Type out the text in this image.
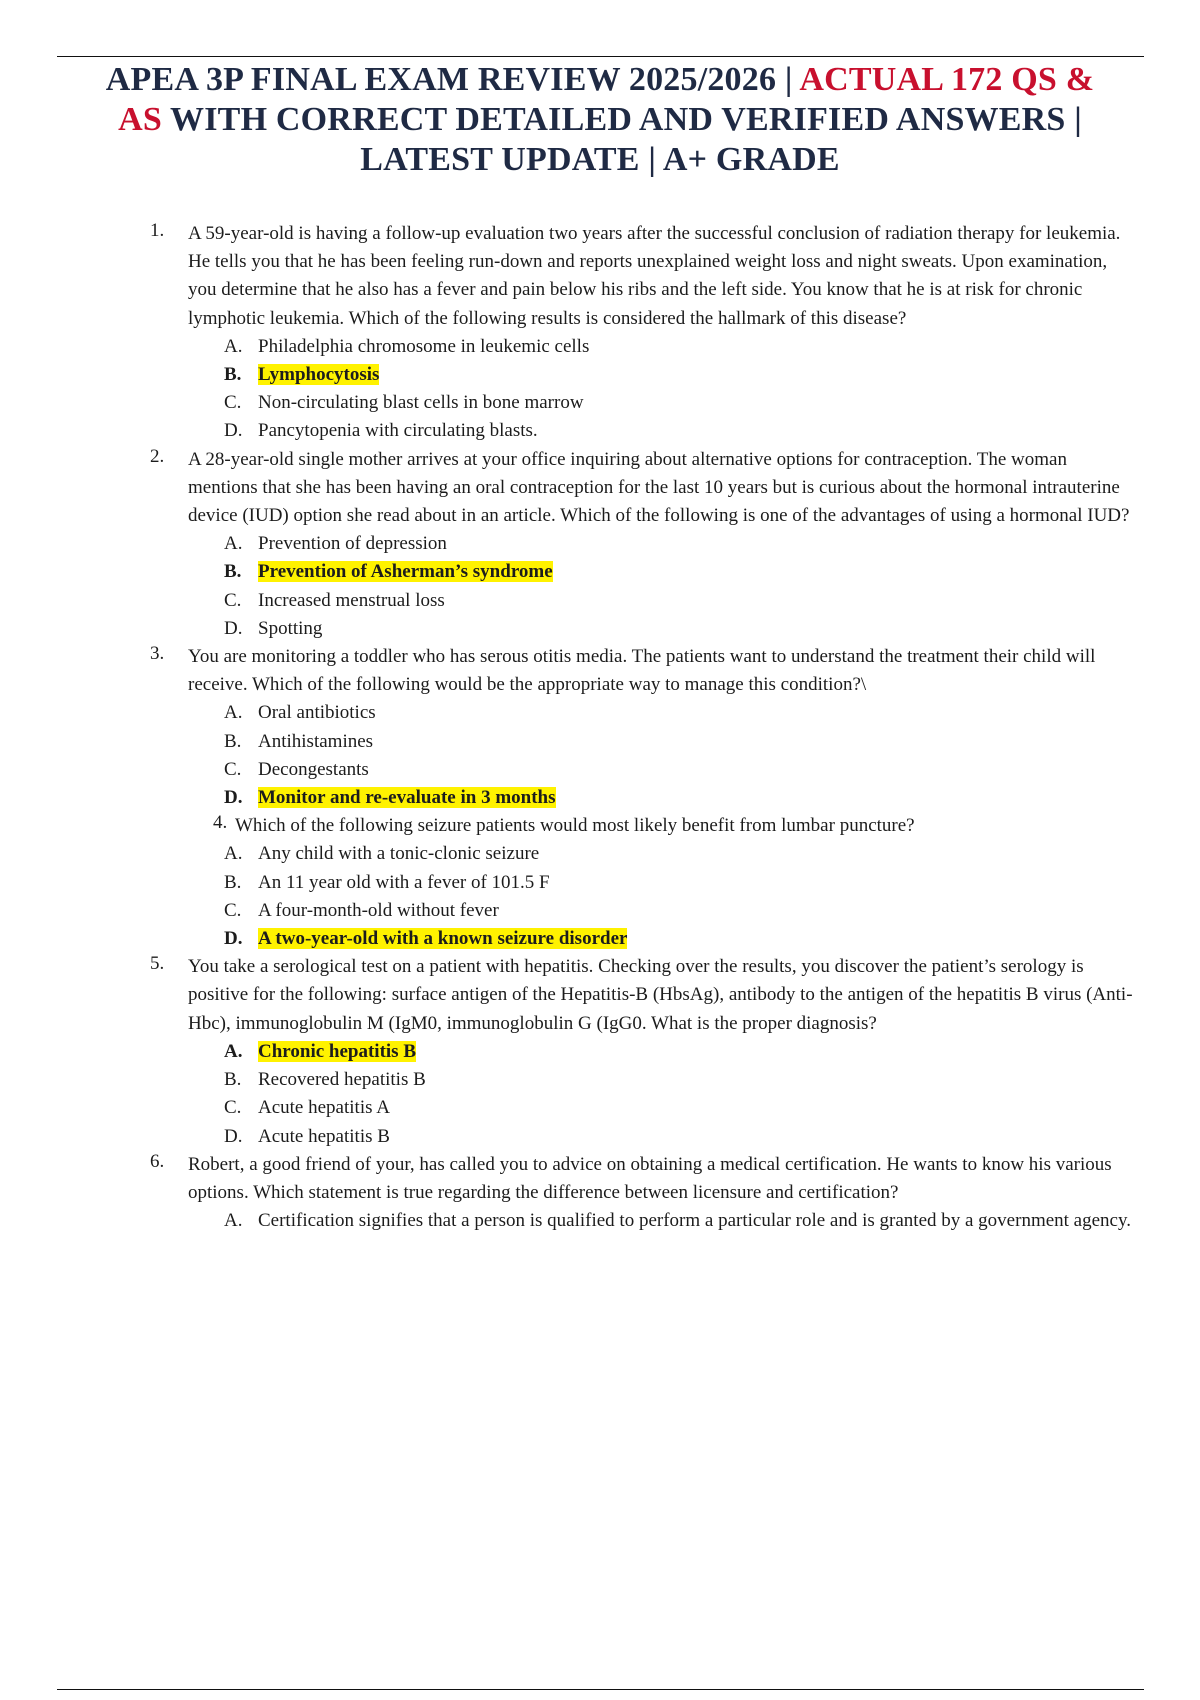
APEA 3P FINAL EXAM REVIEW 2025/2026 | ACTUAL 172 QS & AS WITH CORRECT DETAILED AND VERIFIED ANSWERS | LATEST UPDATE | A+ GRADE
1. A 59-year-old is having a follow-up evaluation two years after the successful conclusion of radiation therapy for leukemia. He tells you that he has been feeling run-down and reports unexplained weight loss and night sweats. Upon examination, you determine that he also has a fever and pain below his ribs and the left side. You know that he is at risk for chronic lymphotic leukemia. Which of the following results is considered the hallmark of this disease?
A. Philadelphia chromosome in leukemic cells
B. Lymphocytosis
C. Non-circulating blast cells in bone marrow
D. Pancytopenia with circulating blasts.
2. A 28-year-old single mother arrives at your office inquiring about alternative options for contraception. The woman mentions that she has been having an oral contraception for the last 10 years but is curious about the hormonal intrauterine device (IUD) option she read about in an article. Which of the following is one of the advantages of using a hormonal IUD?
A. Prevention of depression
B. Prevention of Asherman’s syndrome
C. Increased menstrual loss
D. Spotting
3. You are monitoring a toddler who has serous otitis media. The patients want to understand the treatment their child will receive. Which of the following would be the appropriate way to manage this condition?\
A. Oral antibiotics
B. Antihistamines
C. Decongestants
D. Monitor and re-evaluate in 3 months
4. Which of the following seizure patients would most likely benefit from lumbar puncture?
A. Any child with a tonic-clonic seizure
B. An 11 year old with a fever of 101.5 F
C. A four-month-old without fever
D. A two-year-old with a known seizure disorder
5. You take a serological test on a patient with hepatitis. Checking over the results, you discover the patient’s serology is positive for the following: surface antigen of the Hepatitis-B (HbsAg), antibody to the antigen of the hepatitis B virus (Anti-Hbc), immunoglobulin M (IgM0, immunoglobulin G (IgG0. What is the proper diagnosis?
A. Chronic hepatitis B
B. Recovered hepatitis B
C. Acute hepatitis A
D. Acute hepatitis B
6. Robert, a good friend of your, has called you to advice on obtaining a medical certification. He wants to know his various options. Which statement is true regarding the difference between licensure and certification?
A. Certification signifies that a person is qualified to perform a particular role and is granted by a government agency.
